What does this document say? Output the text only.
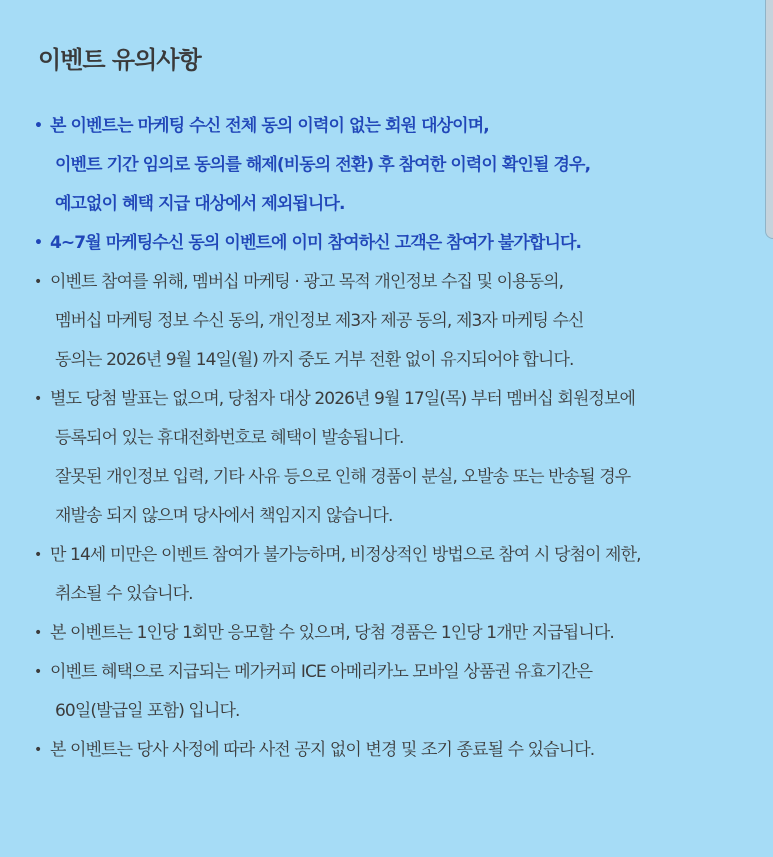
이벤트 유의사항
• 본 이벤트는 마케팅 수신 전체 동의 이력이 없는 회원 대상이며,
이벤트 기간 임의로 동의를 해제(비동의 전환) 후 참여한 이력이 확인될 경우,
예고없이 혜택 지급 대상에서 제외됩니다.
• 4~7월 마케팅수신 동의 이벤트에 이미 참여하신 고객은 참여가 불가합니다.
• 이벤트 참여를 위해, 멤버십 마케팅 · 광고 목적 개인정보 수집 및 이용동의,
멤버십 마케팅 정보 수신 동의, 개인정보 제3자 제공 동의, 제3자 마케팅 수신
동의는 2026년 9월 14일(월) 까지 중도 거부 전환 없이 유지되어야 합니다.
• 별도 당첨 발표는 없으며, 당첨자 대상 2026년 9월 17일(목) 부터 멤버십 회원정보에
등록되어 있는 휴대전화번호로 혜택이 발송됩니다.
잘못된 개인정보 입력, 기타 사유 등으로 인해 경품이 분실, 오발송 또는 반송될 경우
재발송 되지 않으며 당사에서 책임지지 않습니다.
• 만 14세 미만은 이벤트 참여가 불가능하며, 비정상적인 방법으로 참여 시 당첨이 제한,
취소될 수 있습니다.
• 본 이벤트는 1인당 1회만 응모할 수 있으며, 당첨 경품은 1인당 1개만 지급됩니다.
• 이벤트 혜택으로 지급되는 메가커피 ICE 아메리카노 모바일 상품권 유효기간은
60일(발급일 포함) 입니다.
• 본 이벤트는 당사 사정에 따라 사전 공지 없이 변경 및 조기 종료될 수 있습니다.
